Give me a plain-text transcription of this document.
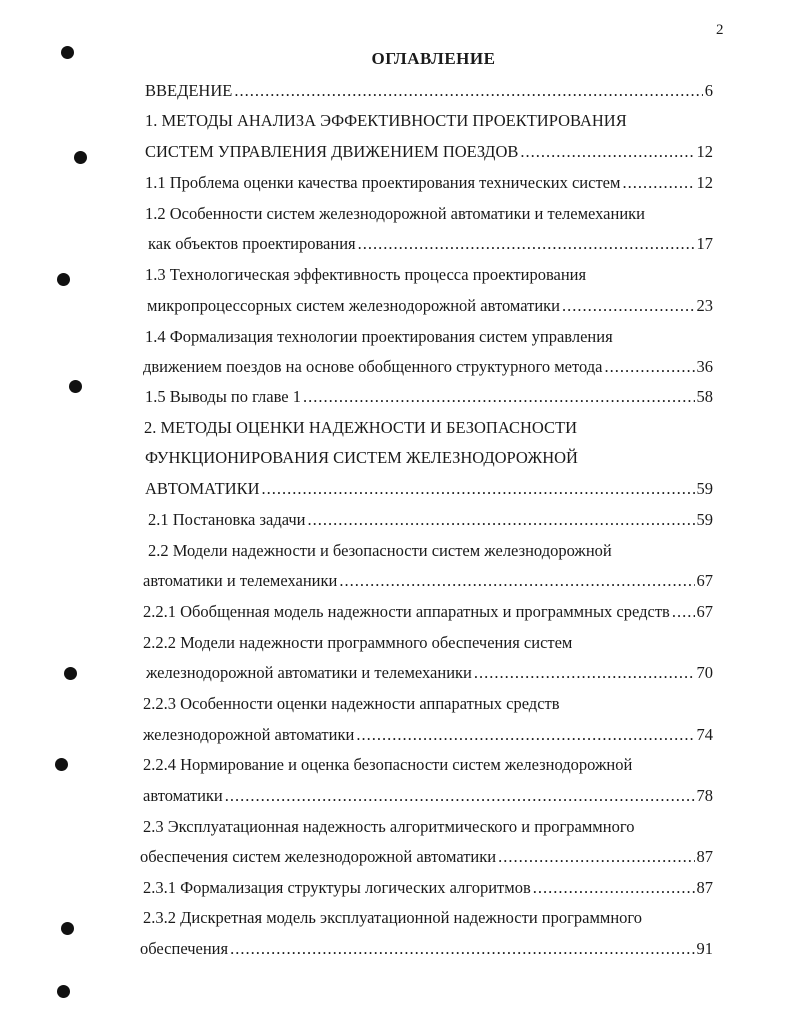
2
ОГЛАВЛЕНИЕ
ВВЕДЕНИЕ .....	6
1. МЕТОДЫ АНАЛИЗА ЭФФЕКТИВНОСТИ ПРОЕКТИРОВАНИЯ
СИСТЕМ УПРАВЛЕНИЯ ДВИЖЕНИЕМ ПОЕЗДОВ .....	12
1.1 Проблема оценки качества проектирования технических систем .....	12
1.2 Особенности систем железнодорожной автоматики и телемеханики
как объектов проектирования .....	17
1.3 Технологическая эффективность процесса проектирования
микропроцессорных систем железнодорожной автоматики .....	23
1.4 Формализация технологии проектирования систем управления
движением поездов на основе обобщенного структурного метода .....	36
1.5 Выводы по главе 1 .....	58
2. МЕТОДЫ ОЦЕНКИ НАДЕЖНОСТИ И БЕЗОПАСНОСТИ
ФУНКЦИОНИРОВАНИЯ СИСТЕМ ЖЕЛЕЗНОДОРОЖНОЙ
АВТОМАТИКИ .....	59
2.1 Постановка задачи .....	59
2.2 Модели надежности и безопасности систем железнодорожной
автоматики и телемеханики .....	67
2.2.1 Обобщенная модель надежности аппаратных и программных средств ..... 67
2.2.2 Модели надежности программного обеспечения систем
железнодорожной автоматики и телемеханики .....	70
2.2.3 Особенности оценки надежности аппаратных средств
железнодорожной автоматики .....	74
2.2.4 Нормирование и оценка безопасности систем железнодорожной
автоматики .....	78
2.3 Эксплуатационная надежность алгоритмического и программного
обеспечения систем железнодорожной автоматики .....	87
2.3.1 Формализация структуры логических алгоритмов .....	87
2.3.2 Дискретная модель эксплуатационной надежности программного
обеспечения .....	91
